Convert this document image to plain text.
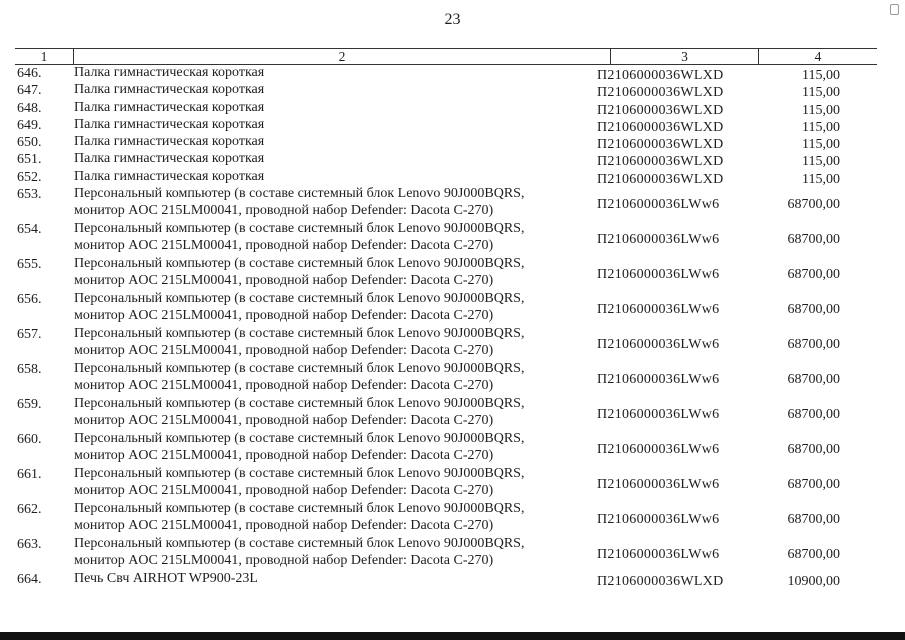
23
1	2	3	4
646. Палка гимнастическая короткая	П2106000036WLXD	115,00
647. Палка гимнастическая короткая	П2106000036WLXD	115,00
648. Палка гимнастическая короткая	П2106000036WLXD	115,00
649. Палка гимнастическая короткая	П2106000036WLXD	115,00
650. Палка гимнастическая короткая	П2106000036WLXD	115,00
651. Палка гимнастическая короткая	П2106000036WLXD	115,00
652. Палка гимнастическая короткая	П2106000036WLXD	115,00
653. Персональный компьютер (в составе системный блок Lenovo 90J000BQRS,
монитор AOC 215LM00041, проводной набор Defender: Dacota C-270)	П2106000036LWw6	68700,00
654. Персональный компьютер (в составе системный блок Lenovo 90J000BQRS,
монитор AOC 215LM00041, проводной набор Defender: Dacota C-270)	П2106000036LWw6	68700,00
655. Персональный компьютер (в составе системный блок Lenovo 90J000BQRS,
монитор AOC 215LM00041, проводной набор Defender: Dacota C-270)	П2106000036LWw6	68700,00
656. Персональный компьютер (в составе системный блок Lenovo 90J000BQRS,
монитор AOC 215LM00041, проводной набор Defender: Dacota C-270)	П2106000036LWw6	68700,00
657. Персональный компьютер (в составе системный блок Lenovo 90J000BQRS,
монитор AOC 215LM00041, проводной набор Defender: Dacota C-270)	П2106000036LWw6	68700,00
658. Персональный компьютер (в составе системный блок Lenovo 90J000BQRS,
монитор AOC 215LM00041, проводной набор Defender: Dacota C-270)	П2106000036LWw6	68700,00
659. Персональный компьютер (в составе системный блок Lenovo 90J000BQRS,
монитор AOC 215LM00041, проводной набор Defender: Dacota C-270)	П2106000036LWw6	68700,00
660. Персональный компьютер (в составе системный блок Lenovo 90J000BQRS,
монитор AOC 215LM00041, проводной набор Defender: Dacota C-270)	П2106000036LWw6	68700,00
661. Персональный компьютер (в составе системный блок Lenovo 90J000BQRS,
монитор AOC 215LM00041, проводной набор Defender: Dacota C-270)	П2106000036LWw6	68700,00
662. Персональный компьютер (в составе системный блок Lenovo 90J000BQRS,
монитор AOC 215LM00041, проводной набор Defender: Dacota C-270)	П2106000036LWw6	68700,00
663. Персональный компьютер (в составе системный блок Lenovo 90J000BQRS,
монитор AOC 215LM00041, проводной набор Defender: Dacota C-270)	П2106000036LWw6	68700,00
664. Печь Свч AIRHOT WP900-23L	П2106000036WLXD	10900,00
